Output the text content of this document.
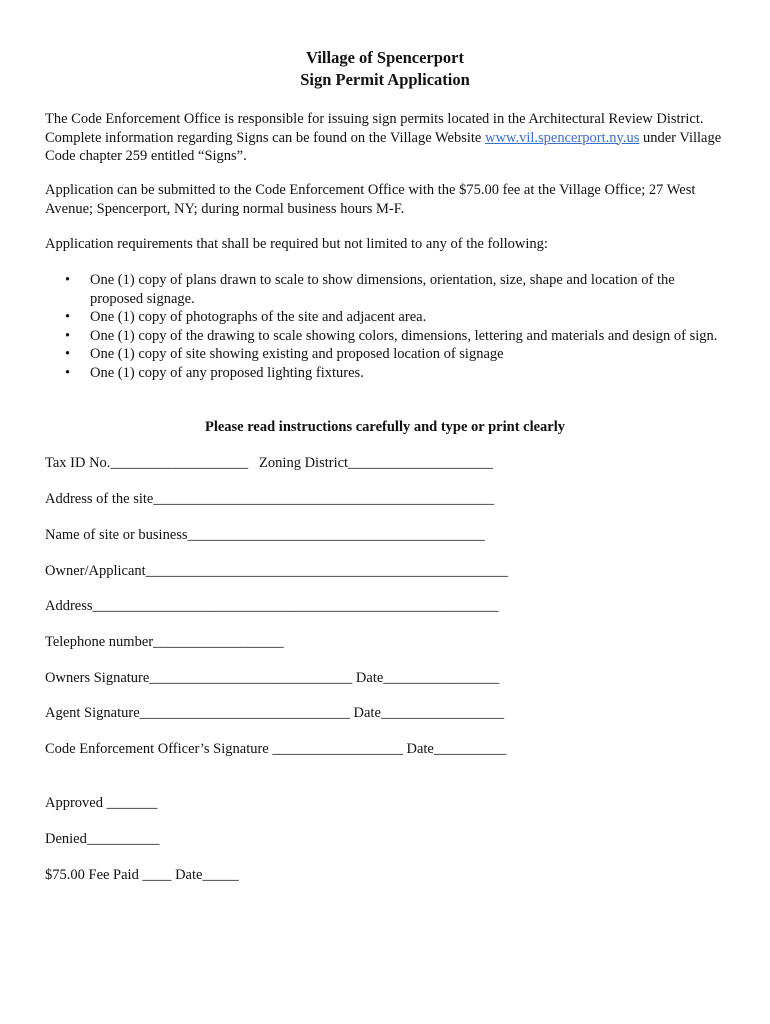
Village of Spencerport
Sign Permit Application

The Code Enforcement Office is responsible for issuing sign permits located in the Architectural Review District. Complete information regarding Signs can be found on the Village Website www.vil.spencerport.ny.us under Village Code chapter 259 entitled “Signs”.

Application can be submitted to the Code Enforcement Office with the $75.00 fee at the Village Office; 27 West Avenue; Spencerport, NY; during normal business hours M-F.

Application requirements that shall be required but not limited to any of the following:

• One (1) copy of plans drawn to scale to show dimensions, orientation, size, shape and location of the proposed signage.
• One (1) copy of photographs of the site and adjacent area.
• One (1) copy of the drawing to scale showing colors, dimensions, lettering and materials and design of sign.
• One (1) copy of site showing existing and proposed location of signage
• One (1) copy of any proposed lighting fixtures.
Please read instructions carefully and type or print clearly
Tax ID No.___________________   Zoning District____________________
Address of the site_______________________________________________
Name of site or business_________________________________________
Owner/Applicant__________________________________________________
Address________________________________________________________
Telephone number__________________
Owners Signature____________________________ Date________________
Agent Signature_____________________________ Date_________________
Code Enforcement Officer’s Signature __________________ Date__________
Approved _______
Denied__________
$75.00 Fee Paid ____ Date_____
